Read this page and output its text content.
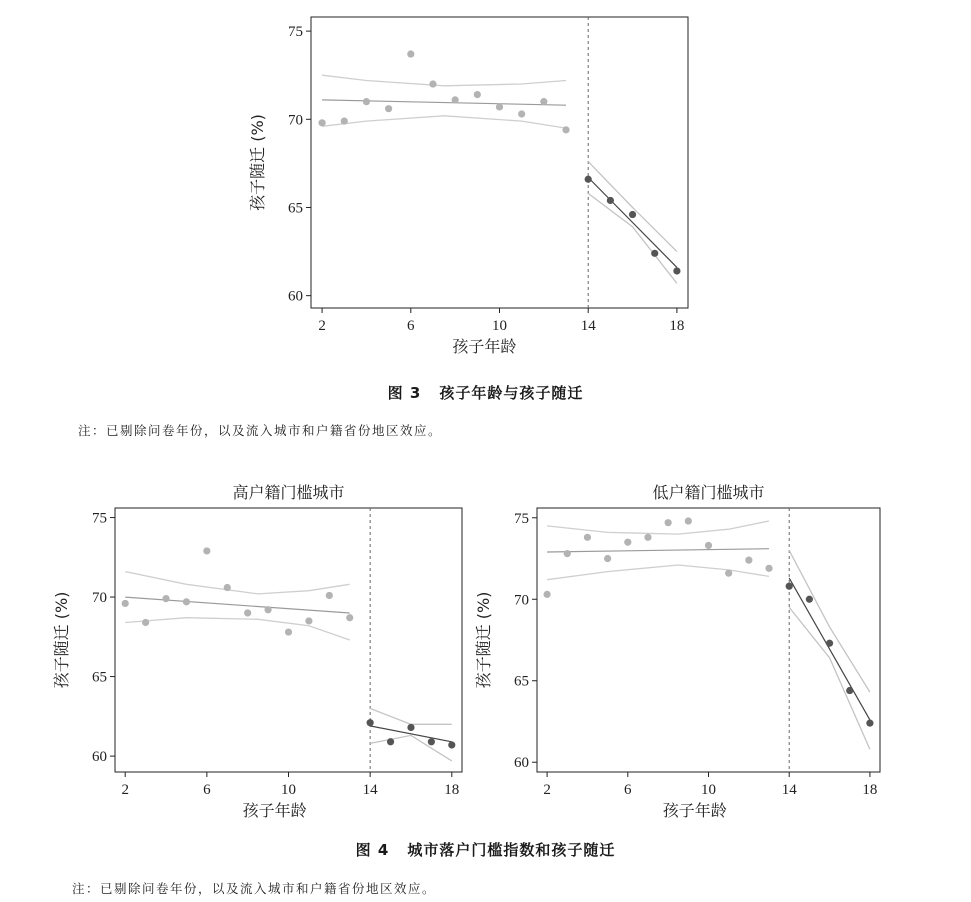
60
65
70
75
2	6	10	14	18
孩子年龄
孩子随迁 (%)
60
65
70
75
2	6	10	14	18
孩子年龄
孩子随迁 (%)
高户籍门槛城市
60
65
70
75
2	6	10	14	18
孩子年龄
孩子随迁 (%)
低户籍门槛城市
图 3 孩子年龄与孩子随迁
注：已剔除问卷年份，以及流入城市和户籍省份地区效应。
图 4 城市落户门槛指数和孩子随迁
注：已剔除问卷年份，以及流入城市和户籍省份地区效应。
